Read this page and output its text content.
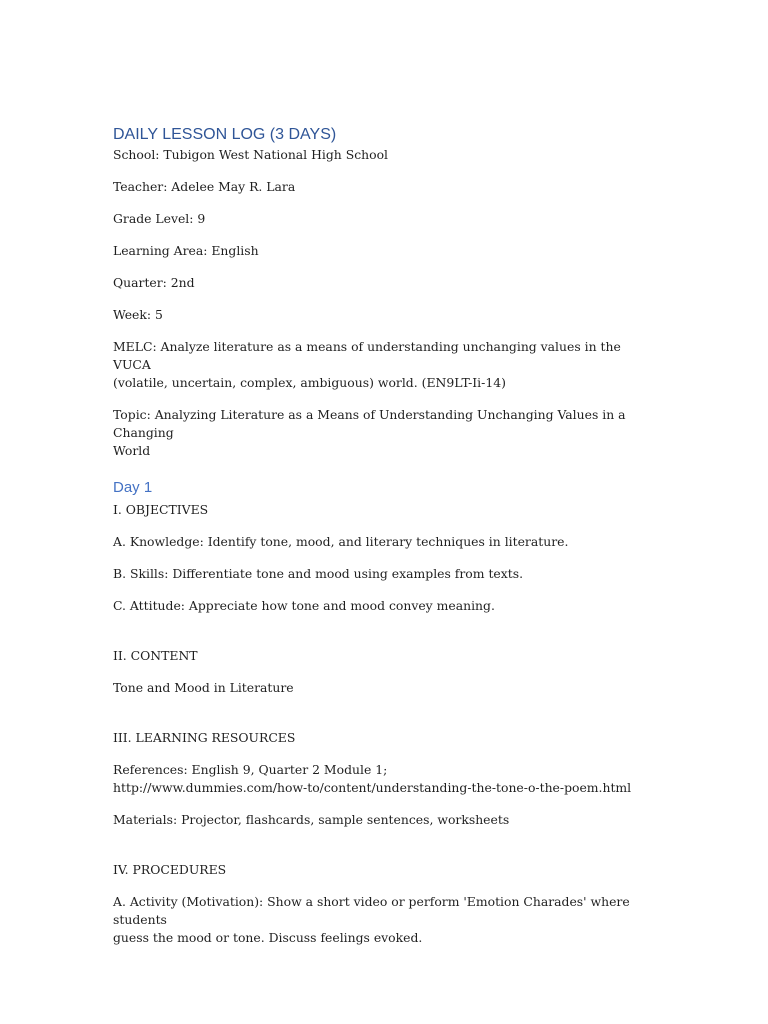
DAILY LESSON LOG (3 DAYS)

School: Tubigon West National High School

Teacher: Adelee May R. Lara

Grade Level: 9

Learning Area: English

Quarter: 2nd

Week: 5

MELC: Analyze literature as a means of understanding unchanging values in the VUCA

(volatile, uncertain, complex, ambiguous) world. (EN9LT-Ii-14)

Topic: Analyzing Literature as a Means of Understanding Unchanging Values in a Changing

World

Day 1

I. OBJECTIVES

A. Knowledge: Identify tone, mood, and literary techniques in literature.

B. Skills: Differentiate tone and mood using examples from texts.

C. Attitude: Appreciate how tone and mood convey meaning.

II. CONTENT

Tone and Mood in Literature

III. LEARNING RESOURCES

References: English 9, Quarter 2 Module 1;

http://www.dummies.com/how-to/content/understanding-the-tone-o-the-poem.html

Materials: Projector, flashcards, sample sentences, worksheets

IV. PROCEDURES

A. Activity (Motivation): Show a short video or perform 'Emotion Charades' where students

guess the mood or tone. Discuss feelings evoked.
